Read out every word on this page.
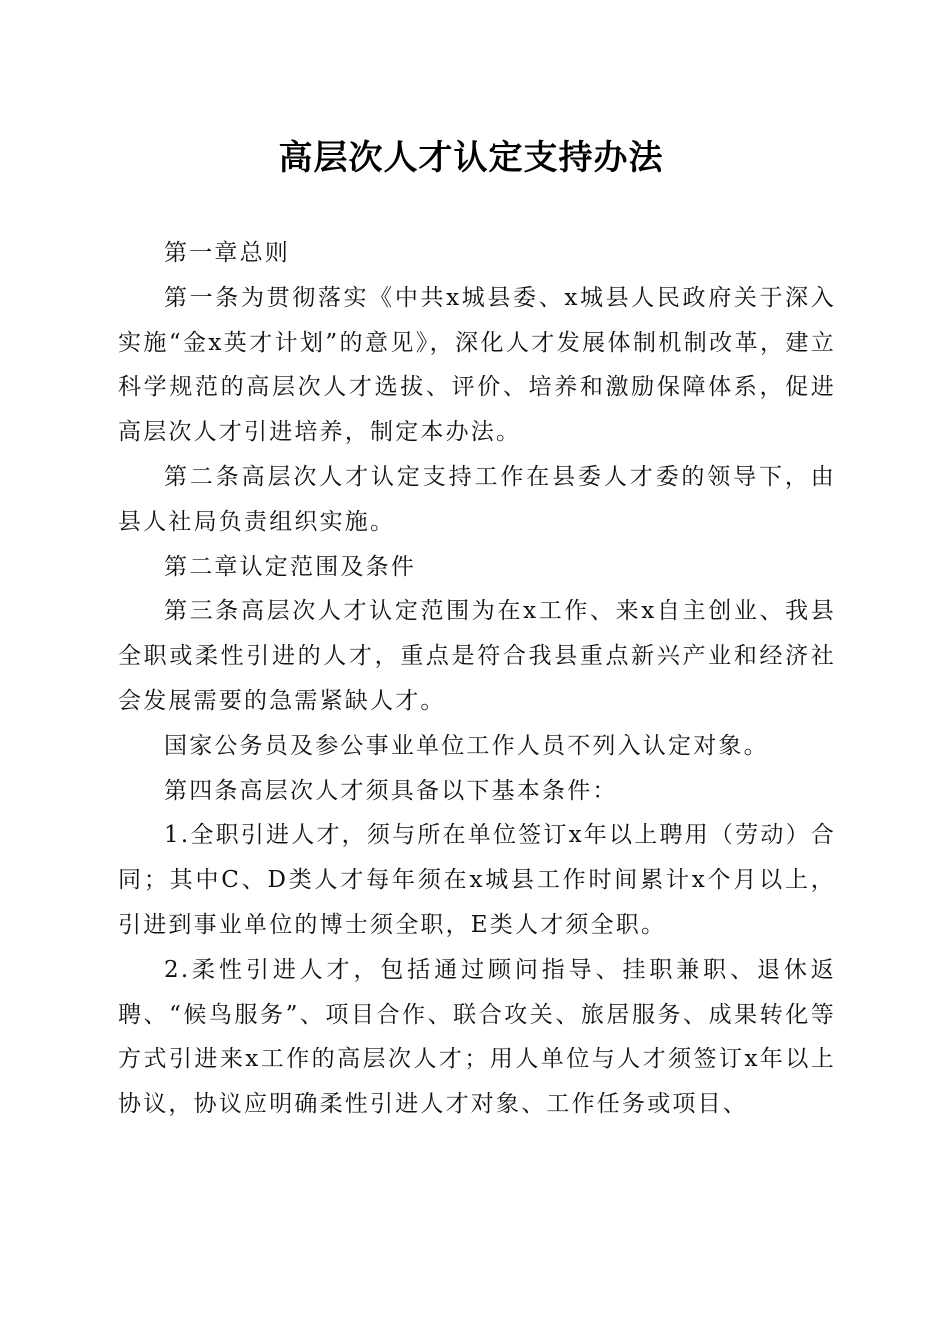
高层次人才认定支持办法

第一章总则

第一条为贯彻落实《中共x城县委、x城县人民政府关于深入实施“金x英才计划”的意见》，深化人才发展体制机制改革，建立科学规范的高层次人才选拔、评价、培养和激励保障体系，促进高层次人才引进培养，制定本办法。

第二条高层次人才认定支持工作在县委人才委的领导下，由县人社局负责组织实施。

第二章认定范围及条件

第三条高层次人才认定范围为在x工作、来x自主创业、我县全职或柔性引进的人才，重点是符合我县重点新兴产业和经济社会发展需要的急需紧缺人才。

国家公务员及参公事业单位工作人员不列入认定对象。

第四条高层次人才须具备以下基本条件：

1.全职引进人才，须与所在单位签订x年以上聘用（劳动）合同；其中C、D类人才每年须在x城县工作时间累计x个月以上，引进到事业单位的博士须全职，E类人才须全职。

2.柔性引进人才，包括通过顾问指导、挂职兼职、退休返聘、“候鸟服务”、项目合作、联合攻关、旅居服务、成果转化等方式引进来x工作的高层次人才；用人单位与人才须签订x年以上协议，协议应明确柔性引进人才对象、工作任务或项目、
